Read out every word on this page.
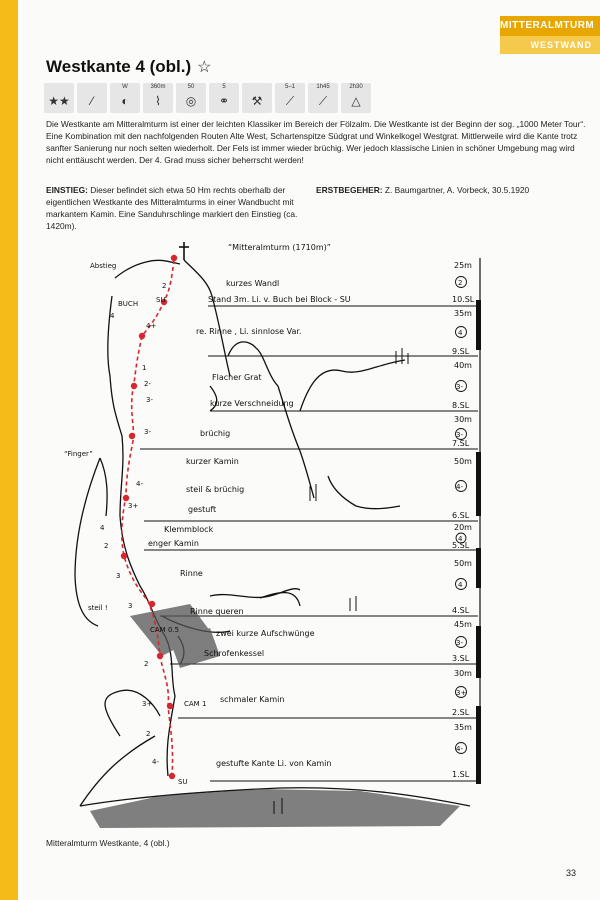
MITTERALMTURM
WESTWAND
Westkante 4 (obl.) ☆
★★ ⁄
W
◐
360m
⌇
50
◎
5
⚭ ⚒
5–1
⟋
1h45
⟋
2h30
△
Die Westkante am Mitteralmturm ist einer der leichten Klassiker im Bereich der Fölzalm. Die Westkante ist der Beginn der sog. „1000 Meter Tour“. Eine Kombination mit den nachfolgenden Routen Alte West, Schartenspitze Südgrat und Winkelkogel Westgrat. Mittlerweile wird die Kante trotz sanfter Sanierung nur noch selten wiederholt. Der Fels ist immer wieder brüchig. Wer jedoch klassische Linien in schöner Umgebung mag wird nicht enttäuscht werden. Der 4. Grad muss sicher beherrscht werden!
EINSTIEG: Dieser befindet sich etwa 50 Hm rechts oberhalb der eigentlichen Westkante des Mitteralmturms in einer Wandbucht mit markantem Kamin. Eine Sanduhrschlinge markiert den Einstieg (ca. 1420m).
ERSTBEGEHER: Z. Baumgartner, A. Vorbeck, 30.5.1920
“Mitteralmturm (1710m)”
2
4+
4
1
2-
3-
3-
4-
3+
4
2
3
3
2
3+
2
4-
SU
CAM 0.5
CAM 1
SU
Abstieg
BUCH
“Finger”
steil !
kurzes Wandl
Stand 3m. Li. v. Buch bei Block - SU
re. Rinne , Li. sinnlose Var.
Flacher Grat
kurze Verschneidung
brüchig
kurzer Kamin
steil & brüchig
gestuft
Klemmblock
enger Kamin
Rinne
Rinne queren
zwei kurze Aufschwünge
Schrofenkessel
schmaler Kamin
gestufte Kante Li. von Kamin
25m
2
10.SL
35m
4
9.SL
40m
3-
8.SL
30m
3-
7.SL
50m
4-
6.SL
20m
4
5.SL
50m
4
4.SL
45m
3-
3.SL
30m
3+
2.SL
35m
4-
1.SL
Mitteralmturm Westkante, 4 (obl.)
33
